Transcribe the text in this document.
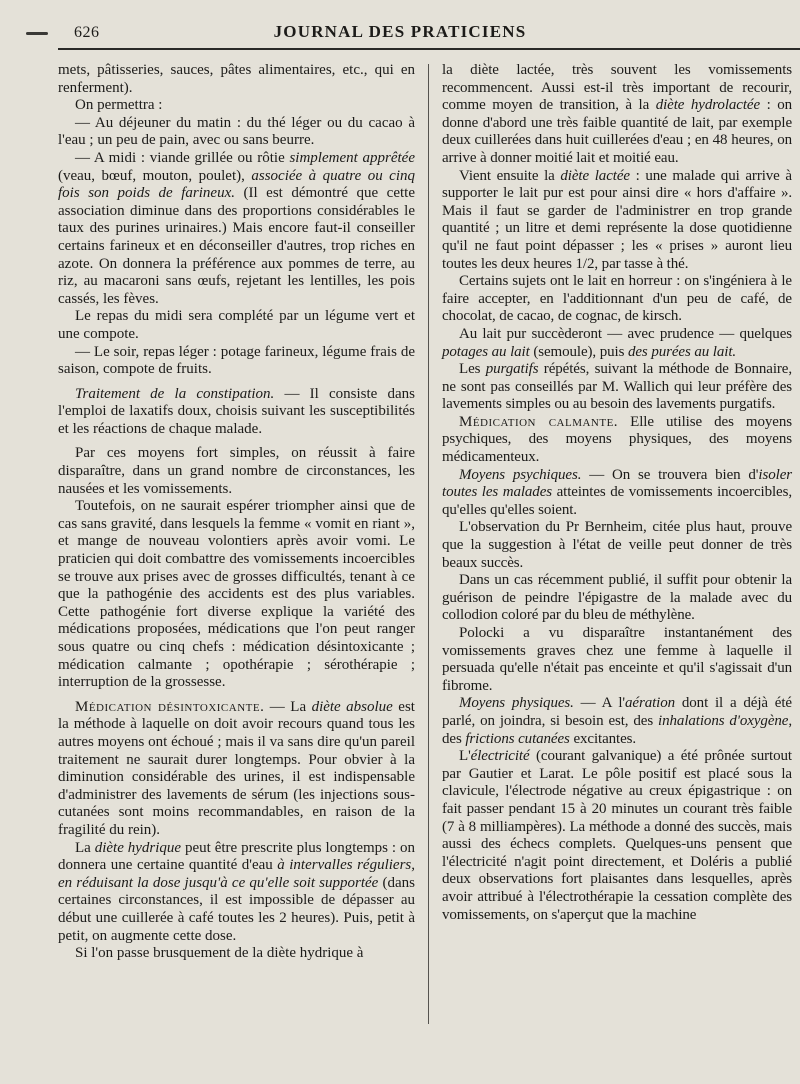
626	JOURNAL DES PRATICIENS

mets, pâtisseries, sauces, pâtes alimentaires, etc., qui en renferment).

On permettra :

— Au déjeuner du matin : du thé léger ou du cacao à l'eau ; un peu de pain, avec ou sans beurre.

— A midi : viande grillée ou rôtie simplement apprêtée (veau, bœuf, mouton, poulet), associée à quatre ou cinq fois son poids de farineux. (Il est démontré que cette association diminue dans des proportions considérables le taux des purines urinaires.) Mais encore faut-il conseiller certains farineux et en déconseiller d'autres, trop riches en azote. On donnera la préférence aux pommes de terre, au riz, au macaroni sans œufs, rejetant les lentilles, les pois cassés, les fèves.

Le repas du midi sera complété par un légume vert et une compote.

— Le soir, repas léger : potage farineux, légume frais de saison, compote de fruits.

Traitement de la constipation. — Il consiste dans l'emploi de laxatifs doux, choisis suivant les susceptibilités et les réactions de chaque malade.

Par ces moyens fort simples, on réussit à faire disparaître, dans un grand nombre de circonstances, les nausées et les vomissements.

Toutefois, on ne saurait espérer triompher ainsi que de cas sans gravité, dans lesquels la femme « vomit en riant », et mange de nouveau volontiers après avoir vomi. Le praticien qui doit combattre des vomissements incoercibles se trouve aux prises avec de grosses difficultés, tenant à ce que la pathogénie des accidents est des plus variables. Cette pathogénie fort diverse explique la variété des médications proposées, médications que l'on peut ranger sous quatre ou cinq chefs : médication désintoxicante ; médication calmante ; opothérapie ; sérothérapie ; interruption de la grossesse.

Médication désintoxicante. — La diète absolue est la méthode à laquelle on doit avoir recours quand tous les autres moyens ont échoué ; mais il va sans dire qu'un pareil traitement ne saurait durer longtemps. Pour obvier à la diminution considérable des urines, il est indispensable d'administrer des lavements de sérum (les injections sous-cutanées sont moins recommandables, en raison de la fragilité du rein).

La diète hydrique peut être prescrite plus longtemps : on donnera une certaine quantité d'eau à intervalles réguliers, en réduisant la dose jusqu'à ce qu'elle soit supportée (dans certaines circonstances, il est impossible de dépasser au début une cuillerée à café toutes les 2 heures). Puis, petit à petit, on augmente cette dose.

Si l'on passe brusquement de la diète hydrique à

la diète lactée, très souvent les vomissements recommencent. Aussi est-il très important de recourir, comme moyen de transition, à la diète hydrolactée : on donne d'abord une très faible quantité de lait, par exemple deux cuillerées dans huit cuillerées d'eau ; en 48 heures, on arrive à donner moitié lait et moitié eau.

Vient ensuite la diète lactée : une malade qui arrive à supporter le lait pur est pour ainsi dire « hors d'affaire ». Mais il faut se garder de l'administrer en trop grande quantité ; un litre et demi représente la dose quotidienne qu'il ne faut point dépasser ; les « prises » auront lieu toutes les deux heures 1/2, par tasse à thé.

Certains sujets ont le lait en horreur : on s'ingéniera à le faire accepter, en l'additionnant d'un peu de café, de chocolat, de cacao, de cognac, de kirsch.

Au lait pur succèderont — avec prudence — quelques potages au lait (semoule), puis des purées au lait.

Les purgatifs répétés, suivant la méthode de Bonnaire, ne sont pas conseillés par M. Wallich qui leur préfère des lavements simples ou au besoin des lavements purgatifs.

Médication calmante. Elle utilise des moyens psychiques, des moyens physiques, des moyens médicamenteux.

Moyens psychiques. — On se trouvera bien d'isoler toutes les malades atteintes de vomissements incoercibles, qu'elles qu'elles soient.

L'observation du Pr Bernheim, citée plus haut, prouve que la suggestion à l'état de veille peut donner de très beaux succès.

Dans un cas récemment publié, il suffit pour obtenir la guérison de peindre l'épigastre de la malade avec du collodion coloré par du bleu de méthylène.

Polocki a vu disparaître instantanément des vomissements graves chez une femme à laquelle il persuada qu'elle n'était pas enceinte et qu'il s'agissait d'un fibrome.

Moyens physiques. — A l'aération dont il a déjà été parlé, on joindra, si besoin est, des inhalations d'oxygène, des frictions cutanées excitantes.

L'électricité (courant galvanique) a été prônée surtout par Gautier et Larat. Le pôle positif est placé sous la clavicule, l'électrode négative au creux épigastrique : on fait passer pendant 15 à 20 minutes un courant très faible (7 à 8 milliampères). La méthode a donné des succès, mais aussi des échecs complets. Quelques-uns pensent que l'électricité n'agit point directement, et Doléris a publié deux observations fort plaisantes dans lesquelles, après avoir attribué à l'électrothérapie la cessation complète des vomissements, on s'aperçut que la machine
